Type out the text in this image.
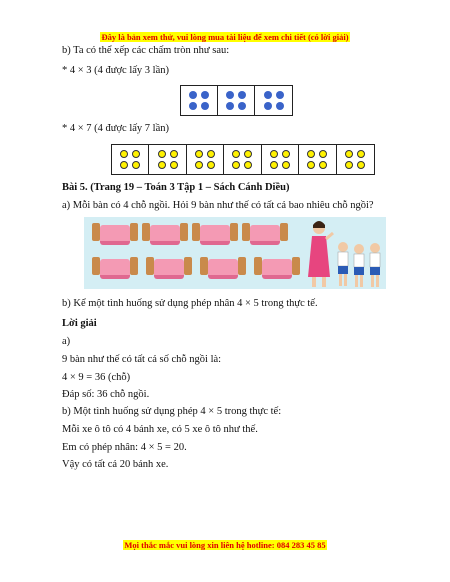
Đây là bản xem thử, vui lòng mua tài liệu để xem chi tiết (có lời giải)
b) Ta có thể xếp các chấm tròn như sau:
* 4 × 3 (4 được lấy 3 lần)
* 4 × 7 (4 được lấy 7 lần)
Bài 5. (Trang 19 – Toán 3 Tập 1 – Sách Cánh Diều)
a) Mỗi bàn có 4 chỗ ngồi. Hỏi 9 bàn như thế có tất cả bao nhiêu chỗ ngồi?
b) Kể một tình huống sử dụng phép nhân 4 × 5 trong thực tế.
Lời giải
a)
9 bàn như thế có tất cả số chỗ ngồi là:
4 × 9 = 36 (chỗ)
Đáp số: 36 chỗ ngồi.
b) Một tình huống sử dụng phép 4 × 5 trong thực tế:
Mỗi xe ô tô có 4 bánh xe, có 5 xe ô tô như thế.
Em có phép nhân: 4 × 5 = 20.
Vậy có tất cả 20 bánh xe.
Mọi thắc mắc vui lòng xin liên hệ hotline: 084 283 45 85
